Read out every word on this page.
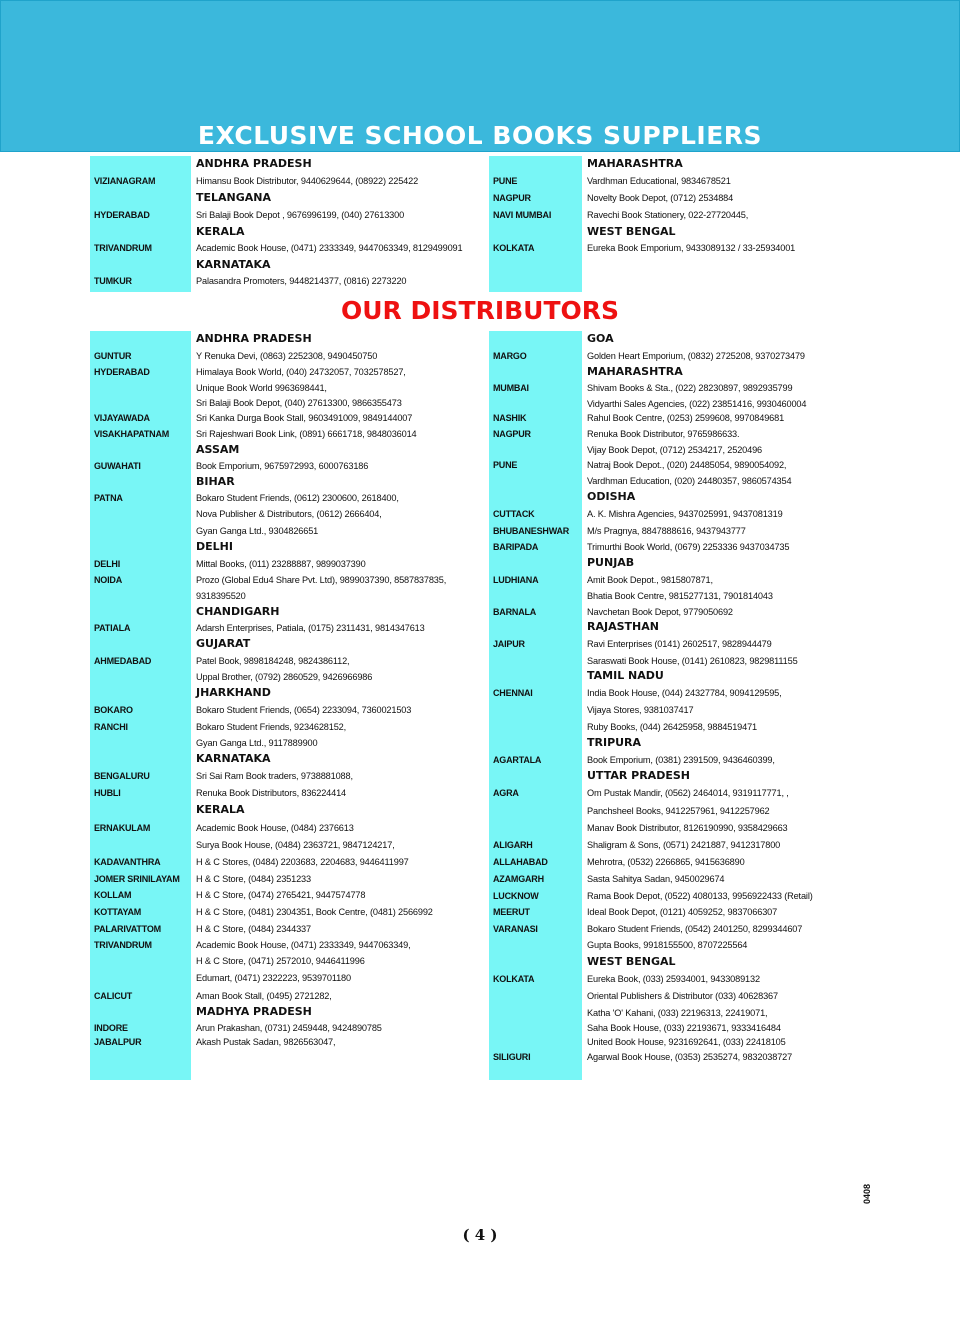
EXCLUSIVE SCHOOL BOOKS SUPPLIERS
ANDHRA PRADESH
VIZIANAGRAM	Himansu Book Distributor, 9440629644, (08922) 225422
TELANGANA
HYDERABAD	Sri Balaji Book Depot , 9676996199, (040) 27613300
KERALA
TRIVANDRUM	Academic Book House, (0471) 2333349, 9447063349, 8129499091
KARNATAKA
TUMKUR	Palasandra Promoters, 9448214377, (0816) 2273220
MAHARASHTRA
PUNE	Vardhman Educational, 9834678521
NAGPUR	Novelty Book Depot, (0712) 2534884
NAVI MUMBAI	Ravechi Book Stationery, 022-27720445,
WEST BENGAL
KOLKATA	Eureka Book Emporium, 9433089132 / 33-25934001
OUR DISTRIBUTORS
ANDHRA PRADESH
GUNTUR	Y Renuka Devi, (0863) 2252308, 9490450750
HYDERABAD	Himalaya Book World, (040) 24732057, 7032578527,
Unique Book World 9963698441,
Sri Balaji Book Depot, (040) 27613300, 9866355473
VIJAYAWADA	Sri Kanka Durga Book Stall, 9603491009, 9849144007
VISAKHAPATNAM	Sri Rajeshwari Book Link, (0891) 6661718, 9848036014
ASSAM
GUWAHATI	Book Emporium, 9675972993, 6000763186
BIHAR
PATNA	Bokaro Student Friends, (0612) 2300600, 2618400,
Nova Publisher & Distributors, (0612) 2666404,
Gyan Ganga Ltd., 9304826651
DELHI
DELHI	Mittal Books, (011) 23288887, 9899037390
NOIDA	Prozo (Global Edu4 Share Pvt. Ltd), 9899037390, 8587837835,
9318395520
CHANDIGARH
PATIALA	Adarsh Enterprises, Patiala, (0175) 2311431, 9814347613
GUJARAT
AHMEDABAD	Patel Book, 9898184248, 9824386112,
Uppal Brother, (0792) 2860529, 9426966986
JHARKHAND
BOKARO	Bokaro Student Friends, (0654) 2233094, 7360021503
RANCHI	Bokaro Student Friends, 9234628152,
Gyan Ganga Ltd., 9117889900
KARNATAKA
BENGALURU	Sri Sai Ram Book traders, 9738881088,
HUBLI	Renuka Book Distributors, 836224414
KERALA
ERNAKULAM	Academic Book House, (0484) 2376613
Surya Book House, (0484) 2363721, 9847124217,
KADAVANTHRA	H & C Stores, (0484) 2203683, 2204683, 9446411997
JOMER SRINILAYAM H & C Store, (0484) 2351233
KOLLAM	H & C Store, (0474) 2765421, 9447574778
KOTTAYAM	H & C Store, (0481) 2304351, Book Centre, (0481) 2566992
PALARIVATTOM	H & C Store, (0484) 2344337
TRIVANDRUM	Academic Book House, (0471) 2333349, 9447063349,
H & C Store, (0471) 2572010, 9446411996
Edumart, (0471) 2322223, 9539701180
CALICUT	Aman Book Stall, (0495) 2721282,
MADHYA PRADESH
INDORE	Arun Prakashan, (0731) 2459448, 9424890785
JABALPUR	Akash Pustak Sadan, 9826563047,
GOA
MARGO	Golden Heart Emporium, (0832) 2725208, 9370273479
MAHARASHTRA
MUMBAI	Shivam Books & Sta., (022) 28230897, 9892935799
Vidyarthi Sales Agencies, (022) 23851416, 9930460004
NASHIK	Rahul Book Centre, (0253) 2599608, 9970849681
NAGPUR	Renuka Book Distributor, 9765986633.
Vijay Book Depot, (0712) 2534217, 2520496
PUNE	Natraj Book Depot., (020) 24485054, 9890054092,
Vardhman Education, (020) 24480357, 9860574354
ODISHA
CUTTACK	A. K. Mishra Agencies, 9437025991, 9437081319
BHUBANESHWAR M/s Pragnya, 8847888616, 9437943777
BARIPADA	Trimurthi Book World, (0679) 2253336 9437034735
PUNJAB
LUDHIANA	Amit Book Depot., 9815807871,
Bhatia Book Centre, 9815277131, 7901814043
BARNALA	Navchetan Book Depot, 9779050692
RAJASTHAN
JAIPUR	Ravi Enterprises (0141) 2602517, 9828944479
Saraswati Book House, (0141) 2610823, 9829811155
TAMIL NADU
CHENNAI	India Book House, (044) 24327784, 9094129595,
Vijaya Stores, 9381037417
Ruby Books, (044) 26425958, 9884519471
TRIPURA
AGARTALA	Book Emporium, (0381) 2391509, 9436460399,
UTTAR PRADESH
AGRA	Om Pustak Mandir, (0562) 2464014, 9319117771, ,
Panchsheel Books, 9412257961, 9412257962
Manav Book Distributor, 8126190990, 9358429663
ALIGARH	Shaligram & Sons, (0571) 2421887, 9412317800
ALLAHABAD	Mehrotra, (0532) 2266865, 9415636890
AZAMGARH	Sasta Sahitya Sadan, 9450029674
LUCKNOW	Rama Book Depot, (0522) 4080133, 9956922433 (Retail)
MEERUT	Ideal Book Depot, (0121) 4059252, 9837066307
VARANASI	Bokaro Student Friends, (0542) 2401250, 8299344607
Gupta Books, 9918155500, 8707225564
WEST BENGAL
KOLKATA	Eureka Book, (033) 25934001, 9433089132
Oriental Publishers & Distributor (033) 40628367
Katha 'O' Kahani, (033) 22196313, 22419071,
Saha Book House, (033) 22193671, 9333416484
United Book House, 9231692641, (033) 22418105
SILIGURI	Agarwal Book House, (0353) 2535274, 9832038727
( 4 )
0408
